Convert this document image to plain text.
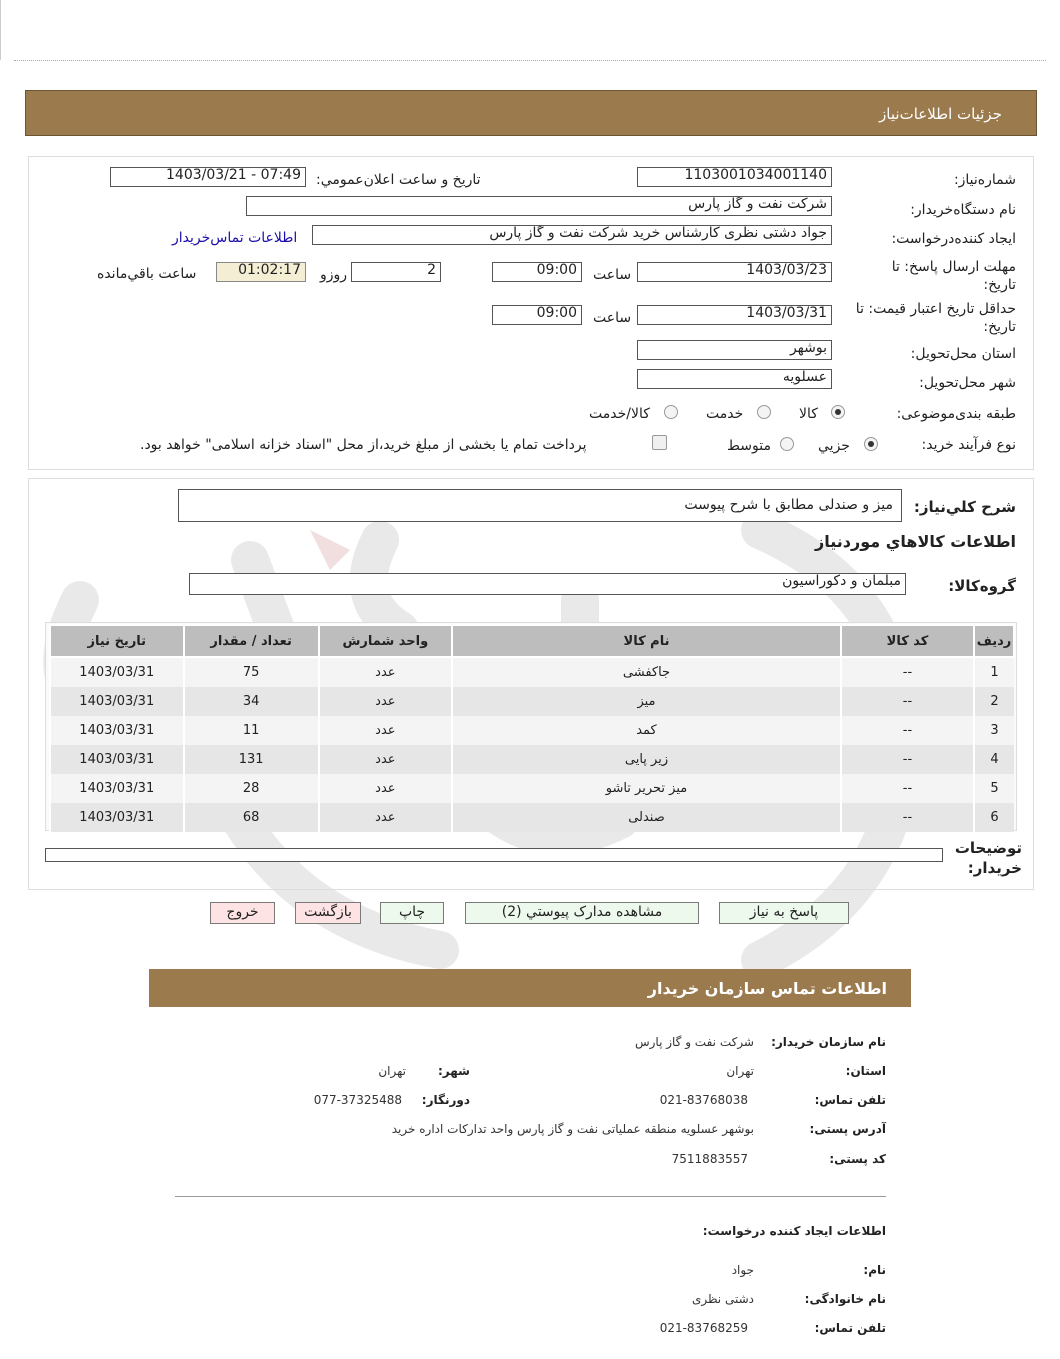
جزئیات اطلاعات‌نیاز
شماره‌نياز:
1103001034001140
تاريخ و ساعت اعلان‌عمومي:
1403/03/21 - 07:49
نام دستگاه‌خريدار:
شرکت نفت و گاز پارس
ايجاد کننده‌درخواست:
جواد دشتی نظری کارشناس خرید شرکت نفت و گاز پارس
اطلاعات تماس‌خريدار
مهلت ارسال پاسخ: تا تاریخ:
1403/03/23
ساعت
09:00
2
روزو
01:02:17
ساعت باقي‌مانده
حداقل تاريخ اعتبار قيمت: تا تاريخ:
1403/03/31
ساعت
09:00
استان محل‌تحويل:
بوشهر
شهر محل‌تحويل:
عسلویه
طبقه بندی‌موضوعی:
کالا
خدمت
کالا/خدمت
نوع فرآيند خريد:
جزيي
متوسط
پرداخت تمام يا بخشی از مبلغ خريد،از محل "اسناد خزانه اسلامی" خواهد بود.
شرح کلي‌نياز:
میز و صندلی مطابق با شرح پیوست
اطلاعات کالاهاي موردنياز
گروه‌کالا:
مبلمان و دکوراسیون
رديف	کد کالا	نام کالا	واحد شمارش	تعداد / مقدار	تاريخ نياز
1	--	جاکفشی	عدد	75	1403/03/31
2	--	میز	عدد	34	1403/03/31
3	--	کمد	عدد	11	1403/03/31
4	--	زیر پایی	عدد	131	1403/03/31
5	--	میز تحریر تاشو	عدد	28	1403/03/31
6	--	صندلی	عدد	68	1403/03/31
توضيحات خريدار:
پاسخ به نياز
مشاهده مدارک پيوستي (2)
چاپ
بازگشت
خروج
اطلاعات تماس سازمان خریدار
نام سازمان خریدار:
شرکت نفت و گاز پارس
استان:
تهران
شهر:
تهران
تلفن تماس:
021-83768038
دورنگار:
077-37325488
آدرس پستی:
بوشهر عسلویه منطقه عملیاتی نفت و گاز پارس واحد تدارکات اداره خرید
کد پستی:
7511883557
اطلاعات ایجاد کننده درخواست:
نام:
جواد
نام خانوادگی:
دشتی نظری
تلفن تماس:
021-83768259
